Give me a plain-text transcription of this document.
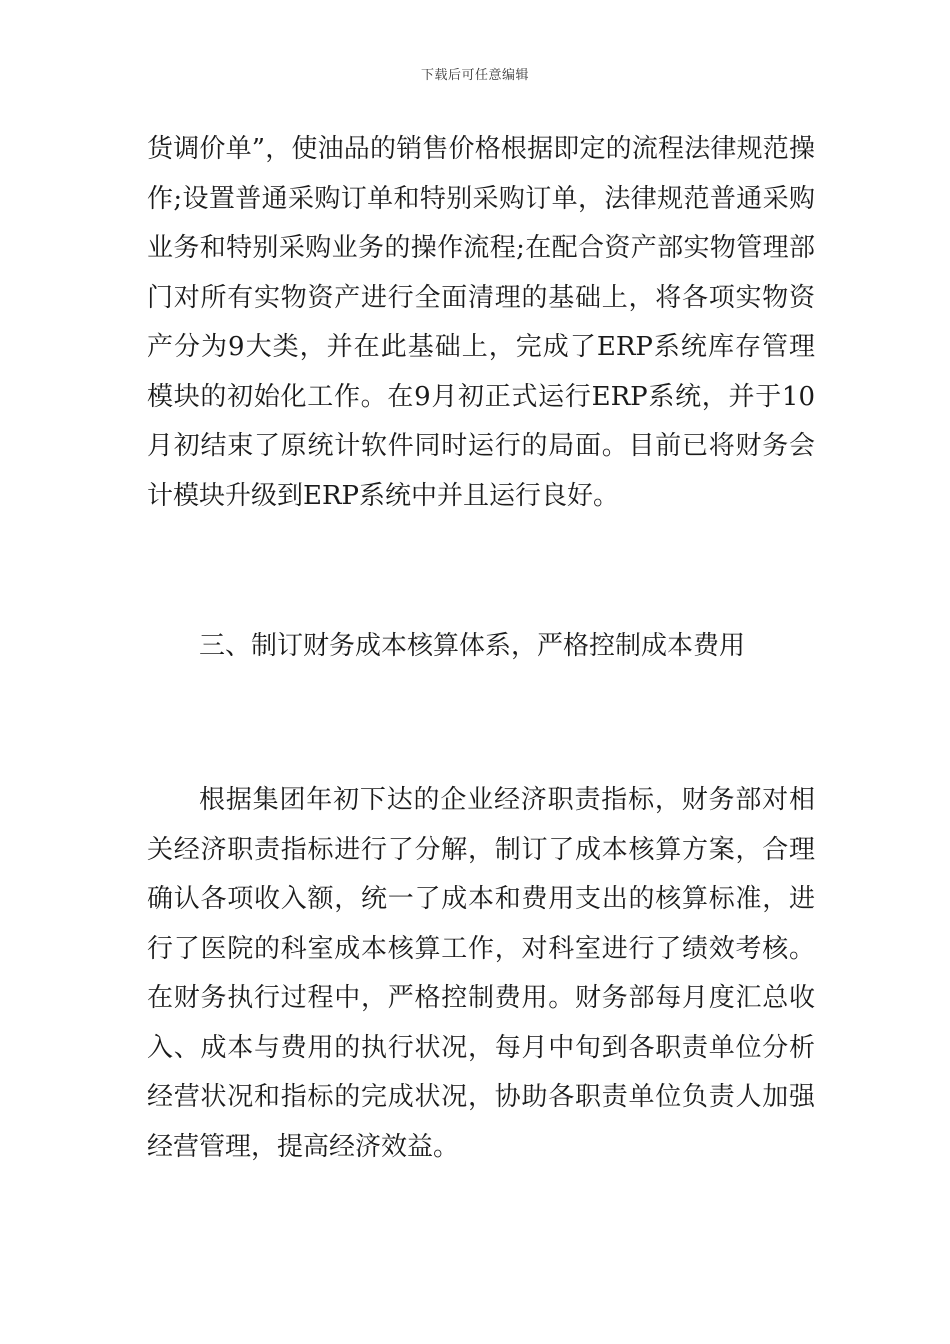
下载后可任意编辑

货调价单”，使油品的销售价格根据即定的流程法律规范操作;设置普通采购订单和特别采购订单，法律规范普通采购业务和特别采购业务的操作流程;在配合资产部实物管理部门对所有实物资产进行全面清理的基础上，将各项实物资产分为9大类，并在此基础上，完成了ERP系统库存管理模块的初始化工作。在9月初正式运行ERP系统，并于10月初结束了原统计软件同时运行的局面。目前已将财务会计模块升级到ERP系统中并且运行良好。

三、制订财务成本核算体系，严格控制成本费用

根据集团年初下达的企业经济职责指标，财务部对相关经济职责指标进行了分解，制订了成本核算方案，合理确认各项收入额，统一了成本和费用支出的核算标准，进行了医院的科室成本核算工作，对科室进行了绩效考核。在财务执行过程中，严格控制费用。财务部每月度汇总收入、成本与费用的执行状况，每月中旬到各职责单位分析经营状况和指标的完成状况，协助各职责单位负责人加强经营管理，提高经济效益。
